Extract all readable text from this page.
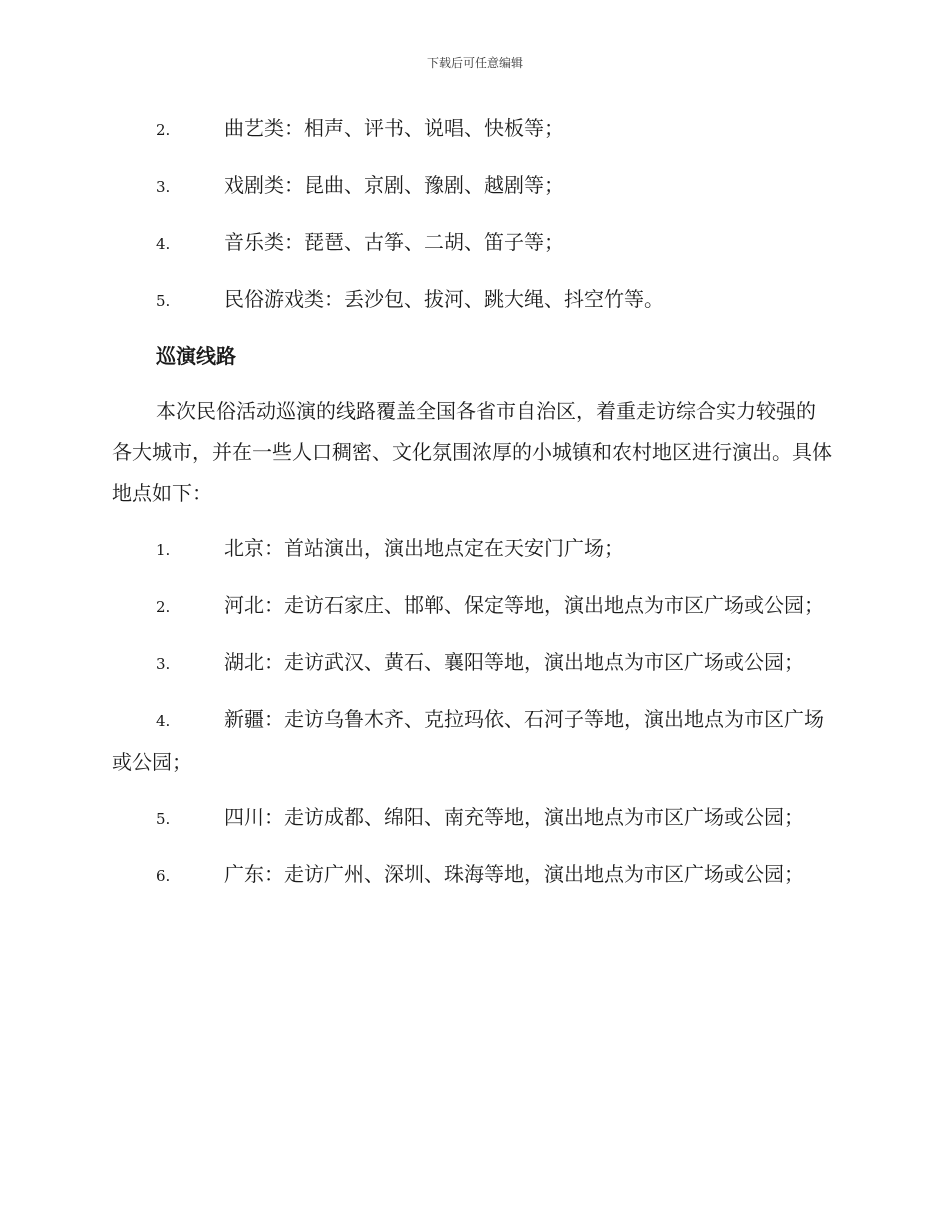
下载后可任意编辑
2.	曲艺类：相声、评书、说唱、快板等；
3.	戏剧类：昆曲、京剧、豫剧、越剧等；
4.	音乐类：琵琶、古筝、二胡、笛子等；
5.	民俗游戏类：丢沙包、拔河、跳大绳、抖空竹等。
巡演线路
本次民俗活动巡演的线路覆盖全国各省市自治区，着重走访综合实力较强的各大城市，并在一些人口稠密、文化氛围浓厚的小城镇和农村地区进行演出。具体地点如下：
1.	北京：首站演出，演出地点定在天安门广场；
2.	河北：走访石家庄、邯郸、保定等地，演出地点为市区广场或公园；
3.	湖北：走访武汉、黄石、襄阳等地，演出地点为市区广场或公园；
4.	新疆：走访乌鲁木齐、克拉玛依、石河子等地，演出地点为市区广场或公园；
5.	四川：走访成都、绵阳、南充等地，演出地点为市区广场或公园；
6.	广东：走访广州、深圳、珠海等地，演出地点为市区广场或公园；
